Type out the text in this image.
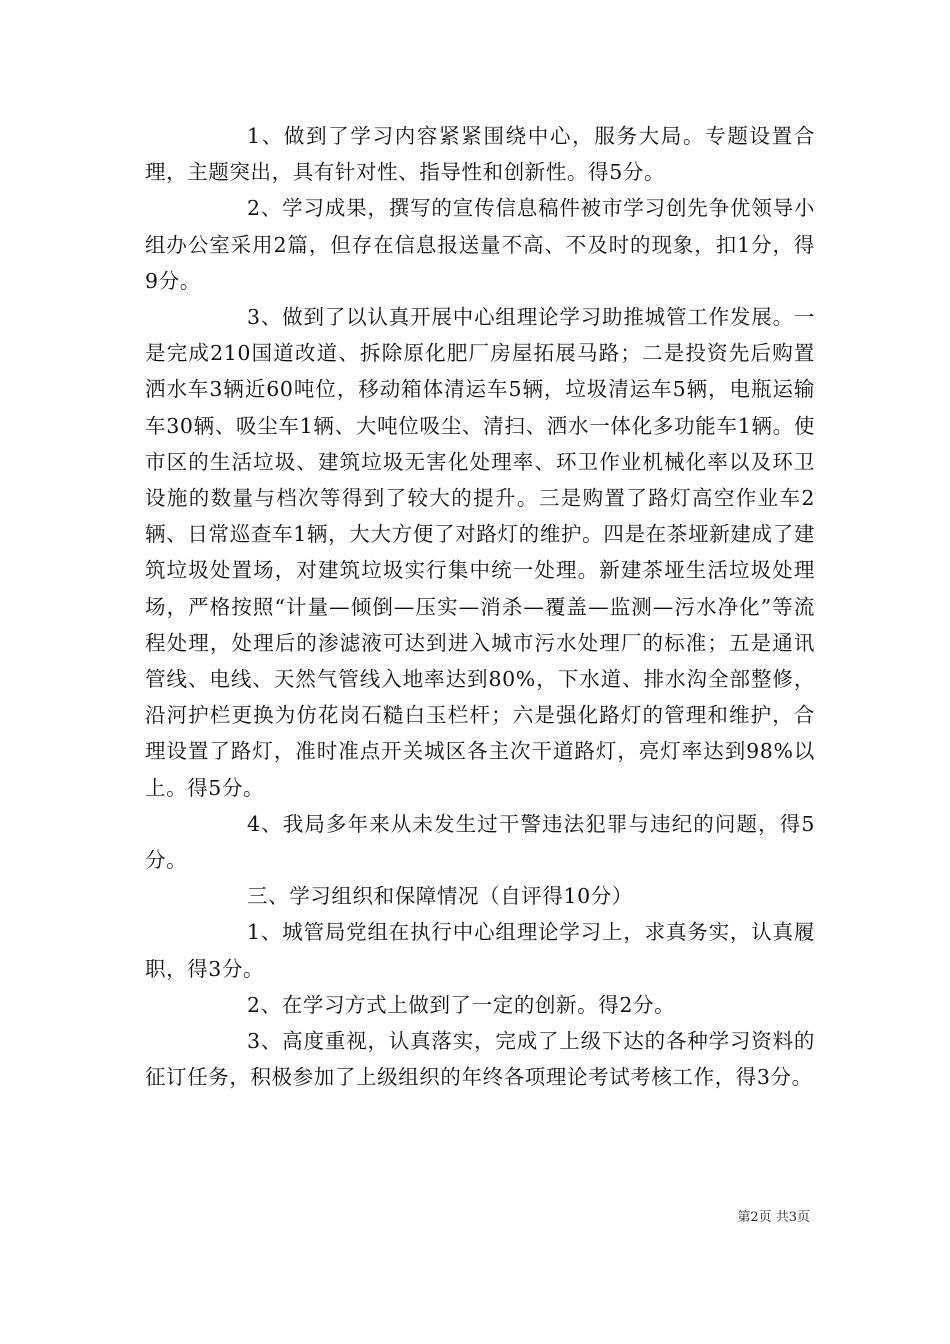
1、做到了学习内容紧紧围绕中心，服务大局。专题设置合理，主题突出，具有针对性、指导性和创新性。得5分。

2、学习成果，撰写的宣传信息稿件被市学习创先争优领导小组办公室采用2篇，但存在信息报送量不高、不及时的现象，扣1分，得9分。

3、做到了以认真开展中心组理论学习助推城管工作发展。一是完成210国道改道、拆除原化肥厂房屋拓展马路；二是投资先后购置洒水车3辆近60吨位，移动箱体清运车5辆，垃圾清运车5辆，电瓶运输车30辆、吸尘车1辆、大吨位吸尘、清扫、洒水一体化多功能车1辆。使市区的生活垃圾、建筑垃圾无害化处理率、环卫作业机械化率以及环卫设施的数量与档次等得到了较大的提升。三是购置了路灯高空作业车2辆、日常巡查车1辆，大大方便了对路灯的维护。四是在茶垭新建成了建筑垃圾处置场，对建筑垃圾实行集中统一处理。新建茶垭生活垃圾处理场，严格按照“计量—倾倒—压实—消杀—覆盖—监测—污水净化”等流程处理，处理后的渗滤液可达到进入城市污水处理厂的标准；五是通讯管线、电线、天然气管线入地率达到80%，下水道、排水沟全部整修，沿河护栏更换为仿花岗石糙白玉栏杆；六是强化路灯的管理和维护，合理设置了路灯，准时准点开关城区各主次干道路灯，亮灯率达到98%以上。得5分。

4、我局多年来从未发生过干警违法犯罪与违纪的问题，得5分。

三、学习组织和保障情况（自评得10分）

1、城管局党组在执行中心组理论学习上，求真务实，认真履职，得3分。

2、在学习方式上做到了一定的创新。得2分。

3、高度重视，认真落实，完成了上级下达的各种学习资料的征订任务，积极参加了上级组织的年终各项理论考试考核工作，得3分。

第2页 共3页
